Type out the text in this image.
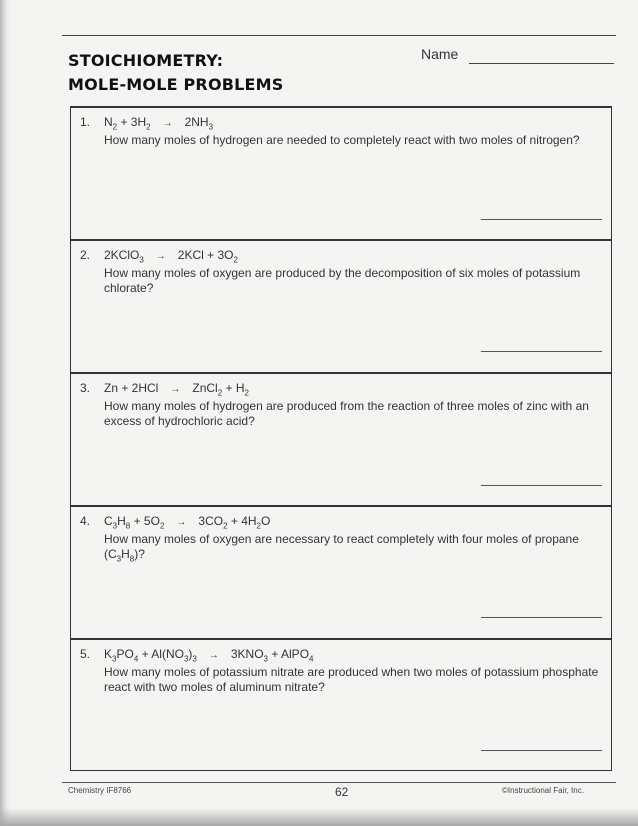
STOICHIOMETRY:
MOLE-MOLE PROBLEMS
Name
1. $N_2 + 3H_2 \to 2NH_3$
How many moles of hydrogen are needed to completely react with two moles of nitrogen?
2. 2KClO$_3$ → $2KCl + 3O_2$
How many moles of oxygen are produced by the decomposition of six moles of potassium chlorate?
3. Zn + 2HCl → ZnCl$_2$ + $H_2$
How many moles of hydrogen are produced from the reaction of three moles of zinc with an excess of hydrochloric acid?
4. $C_3H_8 + 5O_2 \to 3CO_2 + 4H_2O$
How many moles of oxygen are necessary to react completely with four moles of propane $(C_3H_8)$?
5. $K_3PO_4 + Al(NO_3)_3 \to 3KNO_3$ + AlPO$_4$
How many moles of potassium nitrate are produced when two moles of potassium phosphate react with two moles of aluminum nitrate?
Chemistry IF8766	62	©Instructional Fair, Inc.
